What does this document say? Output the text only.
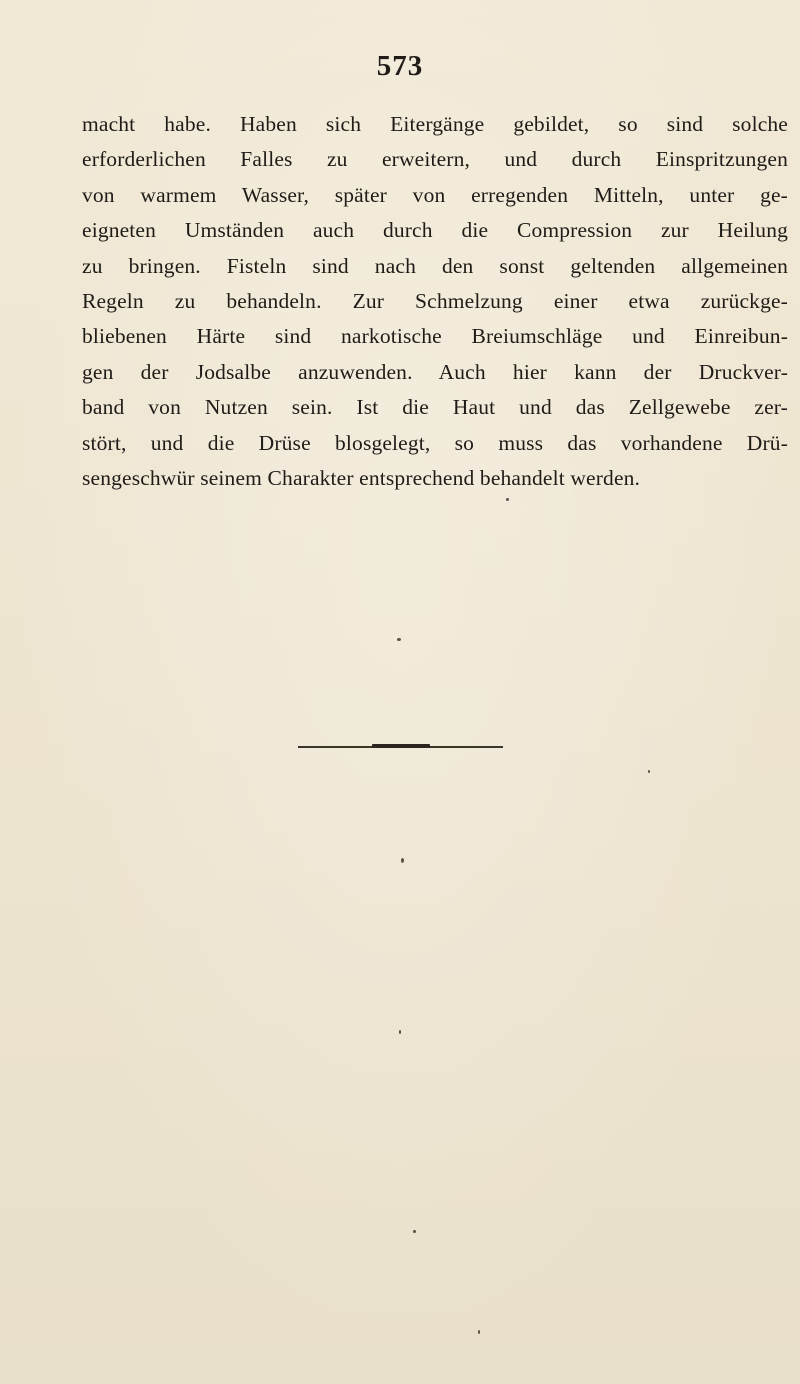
573
macht habe. Haben sich Eitergänge gebildet, so sind solche
erforderlichen Falles zu erweitern, und durch Einspritzungen
von warmem Wasser, später von erregenden Mitteln, unter ge-
eigneten Umständen auch durch die Compression zur Heilung
zu bringen. Fisteln sind nach den sonst geltenden allgemeinen
Regeln zu behandeln. Zur Schmelzung einer etwa zurückge-
bliebenen Härte sind narkotische Breiumschläge und Einreibun-
gen der Jodsalbe anzuwenden. Auch hier kann der Druckver-
band von Nutzen sein. Ist die Haut und das Zellgewebe zer-
stört, und die Drüse blosgelegt, so muss das vorhandene Drü-
sengeschwür seinem Charakter entsprechend behandelt werden.
